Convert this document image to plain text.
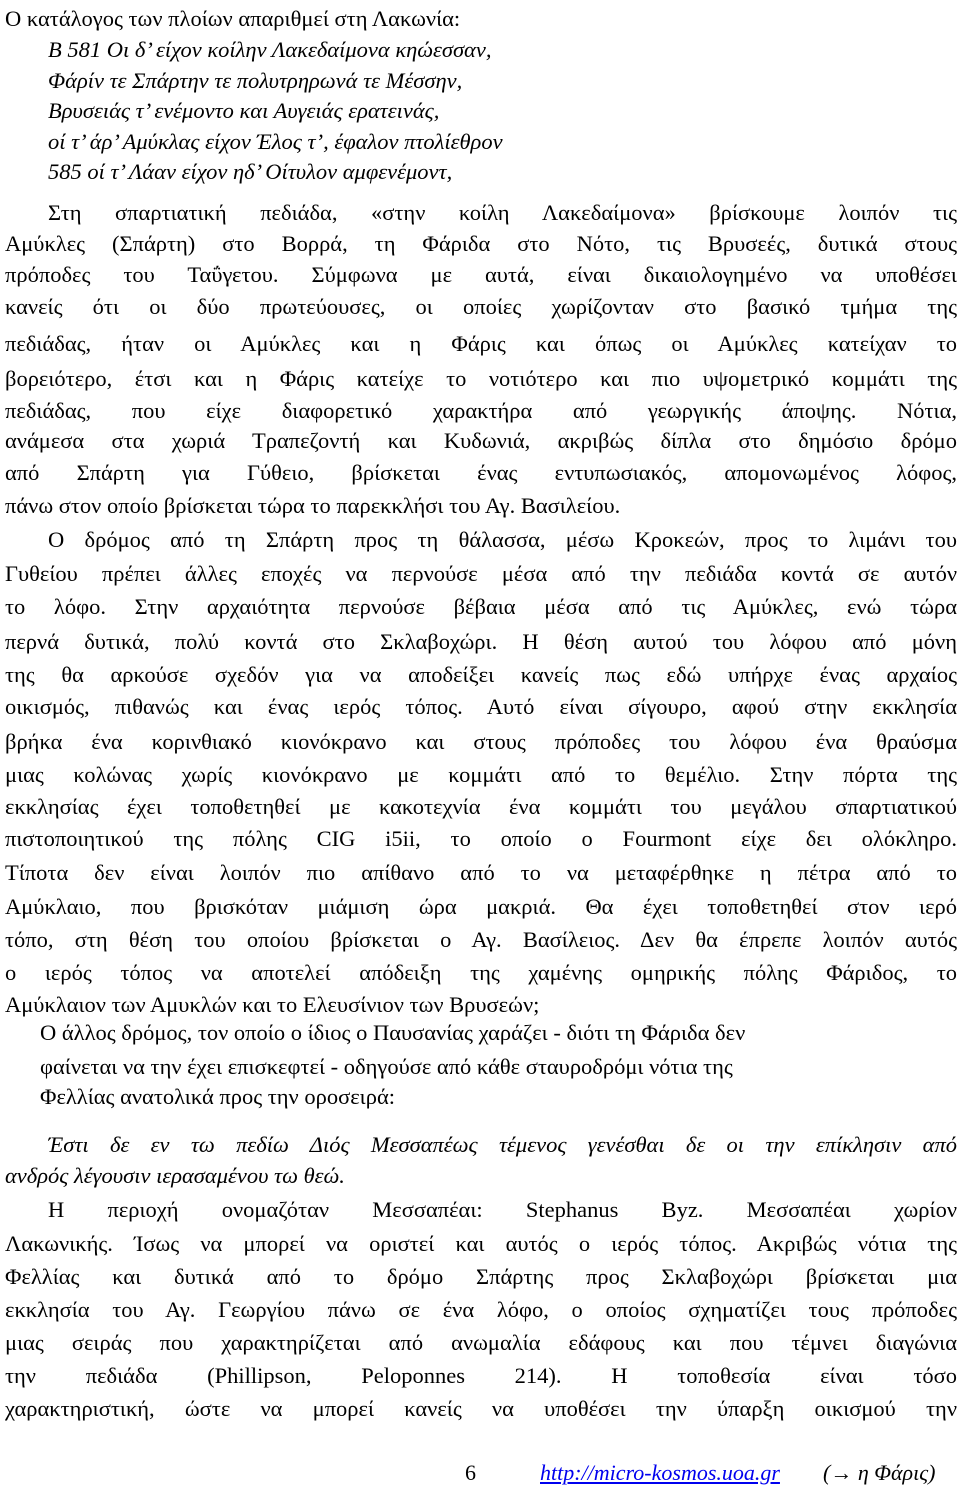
Ο κατάλογος των πλοίων απαριθμεί στη Λακωνία:
Β 581 Οι δ’ είχον κοίλην Λακεδαίμονα κηώεσσαν,
Φάρίν τε Σπάρτην τε πολυτρηρωνά τε Μέσσην,
Βρυσειάς τ’ ενέμοντο και Αυγειάς ερατεινάς,
οί τ’ άρ’ Αμύκλας είχον Έλος τ’, έφαλον πτολίεθρον
585 οί τ’ Λάαν είχον ηδ’ Οίτυλον αμφενέμοντ,
Στη σπαρτιατική πεδιάδα, «στην κοίλη Λακεδαίμονα» βρίσκουμε λοιπόν τις
Αμύκλες (Σπάρτη) στο Βορρά, τη Φάριδα στο Νότο, τις Βρυσεές, δυτικά στους
πρόποδες του Ταΰγετου. Σύμφωνα με αυτά, είναι δικαιολογημένο να υποθέσει
κανείς ότι οι δύο πρωτεύουσες, οι οποίες χωρίζονταν στο βασικό τμήμα της
πεδιάδας, ήταν οι Αμύκλες και η Φάρις και όπως οι Αμύκλες κατείχαν το
βορειότερο, έτσι και η Φάρις κατείχε το νοτιότερο και πιο υψομετρικό κομμάτι της
πεδιάδας, που είχε διαφορετικό χαρακτήρα από γεωργικής άποψης. Νότια,
ανάμεσα στα χωριά Τραπεζοντή και Κυδωνιά, ακριβώς δίπλα στο δημόσιο δρόμο
από Σπάρτη για Γύθειο, βρίσκεται ένας εντυπωσιακός, απομονωμένος λόφος,
πάνω στον οποίο βρίσκεται τώρα το παρεκκλήσι του Αγ. Βασιλείου.
Ο δρόμος από τη Σπάρτη προς τη θάλασσα, μέσω Κροκεών, προς το λιμάνι του
Γυθείου πρέπει άλλες εποχές να περνούσε μέσα από την πεδιάδα κοντά σε αυτόν
το λόφο. Στην αρχαιότητα περνούσε βέβαια μέσα από τις Αμύκλες, ενώ τώρα
περνά δυτικά, πολύ κοντά στο Σκλαβοχώρι. Η θέση αυτού του λόφου από μόνη
της θα αρκούσε σχεδόν για να αποδείξει κανείς πως εδώ υπήρχε ένας αρχαίος
οικισμός, πιθανώς και ένας ιερός τόπος. Αυτό είναι σίγουρο, αφού στην εκκλησία
βρήκα ένα κορινθιακό κιονόκρανο και στους πρόποδες του λόφου ένα θραύσμα
μιας κολώνας χωρίς κιονόκρανο με κομμάτι από το θεμέλιο. Στην πόρτα της
εκκλησίας έχει τοποθετηθεί με κακοτεχνία ένα κομμάτι του μεγάλου σπαρτιατικού
πιστοποιητικού της πόλης CIG i5ii, το οποίο ο Fourmont είχε δει ολόκληρο.
Τίποτα δεν είναι λοιπόν πιο απίθανο από το να μεταφέρθηκε η πέτρα από το
Αμύκλαιο, που βρισκόταν μιάμιση ώρα μακριά. Θα έχει τοποθετηθεί στον ιερό
τόπο, στη θέση του οποίου βρίσκεται ο Αγ. Βασίλειος. Δεν θα έπρεπε λοιπόν αυτός
ο ιερός τόπος να αποτελεί απόδειξη της χαμένης ομηρικής πόλης Φάριδος, το
Αμύκλαιον των Αμυκλών και το Ελευσίνιον των Βρυσεών;
Ο άλλος δρόμος, τον οποίο ο ίδιος ο Παυσανίας χαράζει - διότι τη Φάριδα δεν
φαίνεται να την έχει επισκεφτεί - οδηγούσε από κάθε σταυροδρόμι νότια της
Φελλίας ανατολικά προς την οροσειρά:
Έστι δε εν τω πεδίω Διός Μεσσαπέως τέμενος γενέσθαι δε οι την επίκλησιν από
ανδρός λέγουσιν ιερασαμένου τω θεώ.
Η περιοχή ονομαζόταν Μεσσαπέαι: Stephanus Byz. Μεσσαπέαι χωρίον
Λακωνικής. Ίσως να μπορεί να οριστεί και αυτός ο ιερός τόπος. Ακριβώς νότια της
Φελλίας και δυτικά από το δρόμο Σπάρτης προς Σκλαβοχώρι βρίσκεται μια
εκκλησία του Αγ. Γεωργίου πάνω σε ένα λόφο, ο οποίος σχηματίζει τους πρόποδες
μιας σειράς που χαρακτηρίζεται από ανωμαλία εδάφους και που τέμνει διαγώνια
την πεδιάδα (Phillipson, Peloponnes 214). Η τοποθεσία είναι τόσο
χαρακτηριστική, ώστε να μπορεί κανείς να υποθέσει την ύπαρξη οικισμού την
6	http://micro-kosmos.uoa.gr (→ η Φάρις)
